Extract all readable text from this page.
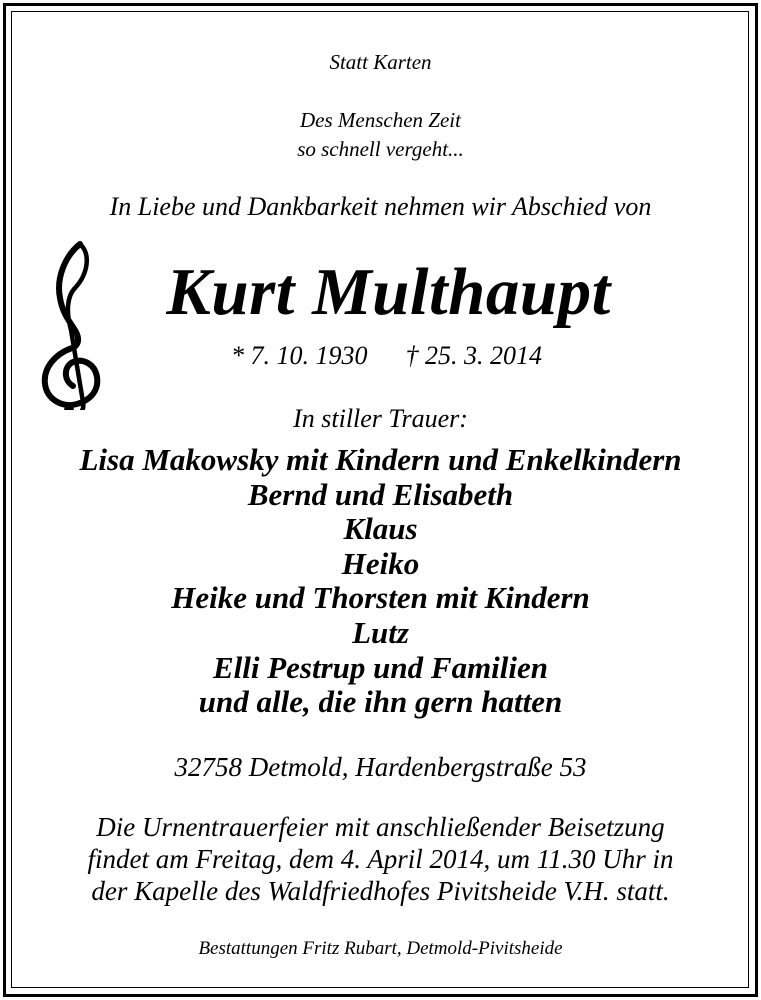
Statt Karten
Des Menschen Zeit
so schnell vergeht...
In Liebe und Dankbarkeit nehmen wir Abschied von
Kurt Multhaupt
* 7. 10. 1930 † 25. 3. 2014
In stiller Trauer:
Lisa Makowsky mit Kindern und Enkelkindern
Bernd und Elisabeth
Klaus
Heiko
Heike und Thorsten mit Kindern
Lutz
Elli Pestrup und Familien
und alle, die ihn gern hatten
32758 Detmold, Hardenbergstraße 53
Die Urnentrauerfeier mit anschließender Beisetzung
findet am Freitag, dem 4. April 2014, um 11.30 Uhr in
der Kapelle des Waldfriedhofes Pivitsheide V.H. statt.
Bestattungen Fritz Rubart, Detmold-Pivitsheide
